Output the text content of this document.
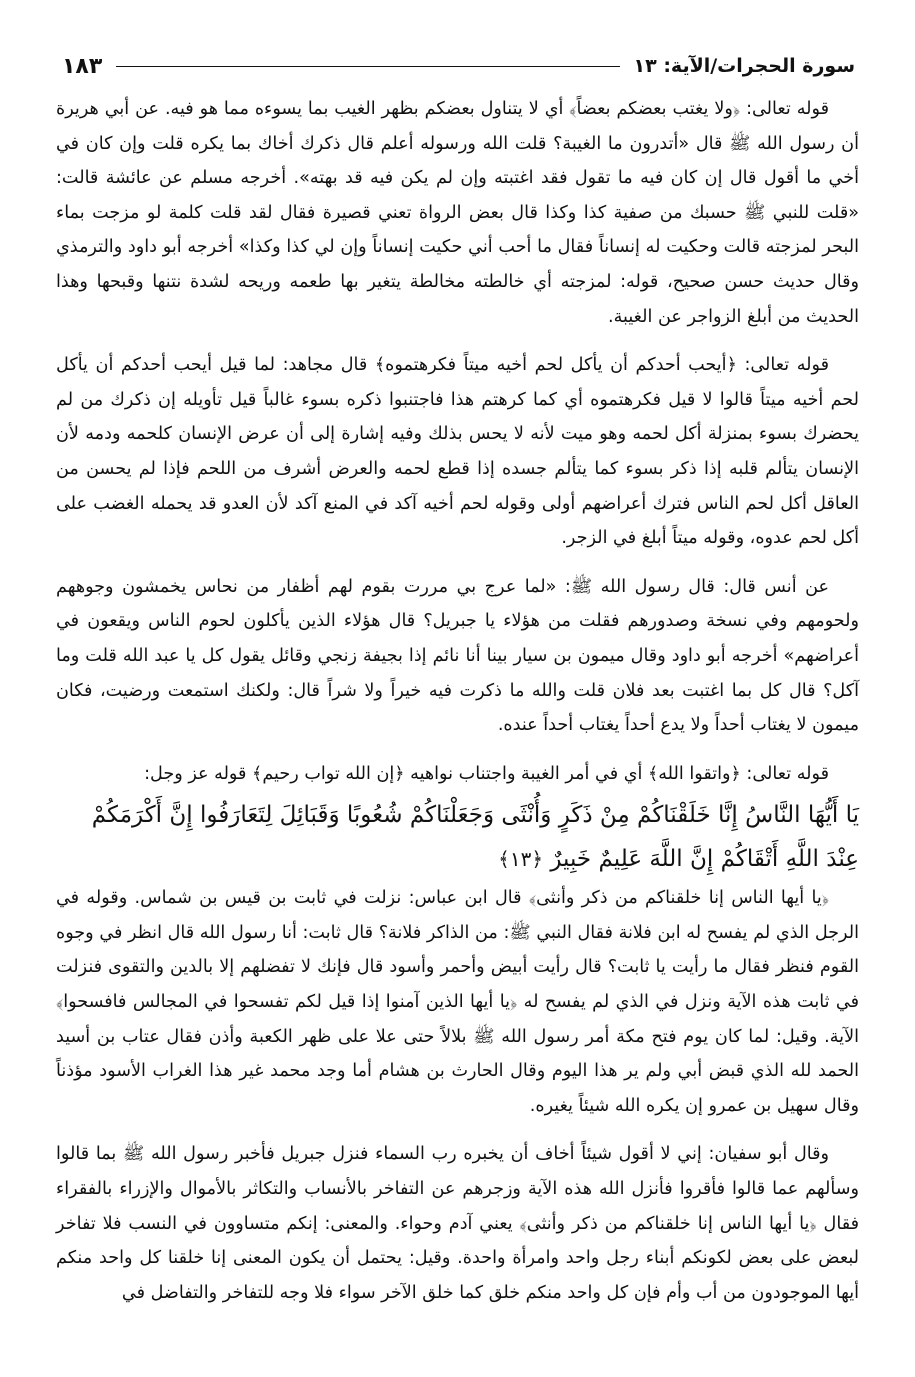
سورة الحجرات/الآية: ١٣
١٨٣

قوله تعالى: ﴿ولا يغتب بعضكم بعضاً﴾ أي لا يتناول بعضكم بظهر الغيب بما يسوءه مما هو فيه. عن أبي هريرة أن رسول الله ﷺ قال «أتدرون ما الغيبة؟ قلت الله ورسوله أعلم قال ذكرك أخاك بما يكره قلت وإن كان في أخي ما أقول قال إن كان فيه ما تقول فقد اغتبته وإن لم يكن فيه قد بهته». أخرجه مسلم عن عائشة قالت: «قلت للنبي ﷺ حسبك من صفية كذا وكذا قال بعض الرواة تعني قصيرة فقال لقد قلت كلمة لو مزجت بماء البحر لمزجته قالت وحكيت له إنساناً فقال ما أحب أني حكيت إنساناً وإن لي كذا وكذا» أخرجه أبو داود والترمذي وقال حديث حسن صحيح، قوله: لمزجته أي خالطته مخالطة يتغير بها طعمه وريحه لشدة نتنها وقبحها وهذا الحديث من أبلغ الزواجر عن الغيبة.

قوله تعالى: ﴿أيحب أحدكم أن يأكل لحم أخيه ميتاً فكرهتموه﴾ قال مجاهد: لما قيل أيحب أحدكم أن يأكل لحم أخيه ميتاً قالوا لا قيل فكرهتموه أي كما كرهتم هذا فاجتنبوا ذكره بسوء غالباً قيل تأويله إن ذكرك من لم يحضرك بسوء بمنزلة أكل لحمه وهو ميت لأنه لا يحس بذلك وفيه إشارة إلى أن عرض الإنسان كلحمه ودمه لأن الإنسان يتألم قلبه إذا ذكر بسوء كما يتألم جسده إذا قطع لحمه والعرض أشرف من اللحم فإذا لم يحسن من العاقل أكل لحم الناس فترك أعراضهم أولى وقوله لحم أخيه آكد في المنع آكد لأن العدو قد يحمله الغضب على أكل لحم عدوه، وقوله ميتاً أبلغ في الزجر.

عن أنس قال: قال رسول الله ﷺ: «لما عرج بي مررت بقوم لهم أظفار من نحاس يخمشون وجوههم ولحومهم وفي نسخة وصدورهم فقلت من هؤلاء يا جبريل؟ قال هؤلاء الذين يأكلون لحوم الناس ويقعون في أعراضهم» أخرجه أبو داود وقال ميمون بن سيار بينا أنا نائم إذا بجيفة زنجي وقائل يقول كل يا عبد الله قلت وما آكل؟ قال كل بما اغتبت بعد فلان قلت والله ما ذكرت فيه خيراً ولا شراً قال: ولكنك استمعت ورضيت، فكان ميمون لا يغتاب أحداً ولا يدع أحداً يغتاب أحداً عنده.

قوله تعالى: ﴿واتقوا الله﴾ أي في أمر الغيبة واجتناب نواهيه ﴿إن الله تواب رحيم﴾ قوله عز وجل:

يَا أَيُّهَا النَّاسُ إِنَّا خَلَقْنَاكُمْ مِنْ ذَكَرٍ وَأُنْثَى وَجَعَلْنَاكُمْ شُعُوبًا وَقَبَائِلَ لِتَعَارَفُوا إِنَّ أَكْرَمَكُمْ عِنْدَ اللَّهِ أَتْقَاكُمْ إِنَّ اللَّهَ عَلِيمٌ خَبِيرٌ ﴿١٣﴾

﴿يا أيها الناس إنا خلقناكم من ذكر وأنثى﴾ قال ابن عباس: نزلت في ثابت بن قيس بن شماس. وقوله في الرجل الذي لم يفسح له ابن فلانة فقال النبي ﷺ: من الذاكر فلانة؟ قال ثابت: أنا رسول الله قال انظر في وجوه القوم فنظر فقال ما رأيت يا ثابت؟ قال رأيت أبيض وأحمر وأسود قال فإنك لا تفضلهم إلا بالدين والتقوى فنزلت في ثابت هذه الآية ونزل في الذي لم يفسح له ﴿يا أيها الذين آمنوا إذا قيل لكم تفسحوا في المجالس فافسحوا﴾ الآية. وقيل: لما كان يوم فتح مكة أمر رسول الله ﷺ بلالاً حتى علا على ظهر الكعبة وأذن فقال عتاب بن أسيد الحمد لله الذي قبض أبي ولم ير هذا اليوم وقال الحارث بن هشام أما وجد محمد غير هذا الغراب الأسود مؤذناً وقال سهيل بن عمرو إن يكره الله شيئاً يغيره.

وقال أبو سفيان: إني لا أقول شيئاً أخاف أن يخبره رب السماء فنزل جبريل فأخبر رسول الله ﷺ بما قالوا وسألهم عما قالوا فأقروا فأنزل الله هذه الآية وزجرهم عن التفاخر بالأنساب والتكاثر بالأموال والإزراء بالفقراء فقال ﴿يا أيها الناس إنا خلقناكم من ذكر وأنثى﴾ يعني آدم وحواء. والمعنى: إنكم متساوون في النسب فلا تفاخر لبعض على بعض لكونكم أبناء رجل واحد وامرأة واحدة. وقيل: يحتمل أن يكون المعنى إنا خلقنا كل واحد منكم أيها الموجودون من أب وأم فإن كل واحد منكم خلق كما خلق الآخر سواء فلا وجه للتفاخر والتفاضل في
